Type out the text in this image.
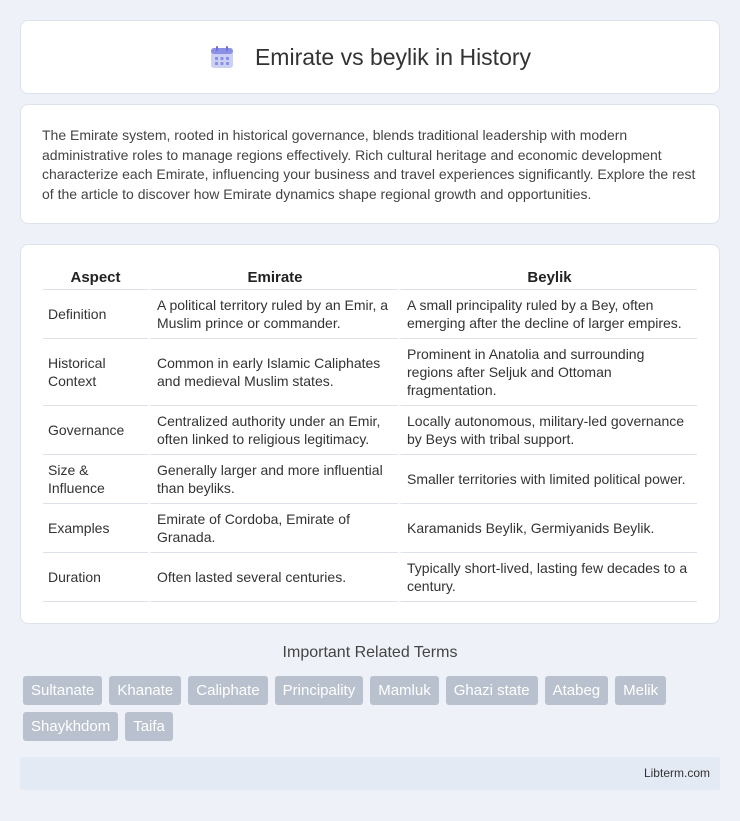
Emirate vs beylik in History

The Emirate system, rooted in historical governance, blends traditional leadership with modern administrative roles to manage regions effectively. Rich cultural heritage and economic development characterize each Emirate, influencing your business and travel experiences significantly. Explore the rest of the article to discover how Emirate dynamics shape regional growth and opportunities.

Aspect	Emirate	Beylik
Definition	A political territory ruled by an Emir, a Muslim prince or commander.	A small principality ruled by a Bey, often emerging after the decline of larger empires.
Historical Context	Common in early Islamic Caliphates and medieval Muslim states.	Prominent in Anatolia and surrounding regions after Seljuk and Ottoman fragmentation.
Governance	Centralized authority under an Emir, often linked to religious legitimacy.	Locally autonomous, military-led governance by Beys with tribal support.
Size & Influence	Generally larger and more influential than beyliks.	Smaller territories with limited political power.
Examples	Emirate of Cordoba, Emirate of Granada.	Karamanids Beylik, Germiyanids Beylik.
Duration	Often lasted several centuries.	Typically short-lived, lasting few decades to a century.
Important Related Terms
Sultanate	Khanate	Caliphate	Principality	Mamluk	Ghazi state	Atabeg	Melik
Shaykhdom	Taifa
Libterm.com
